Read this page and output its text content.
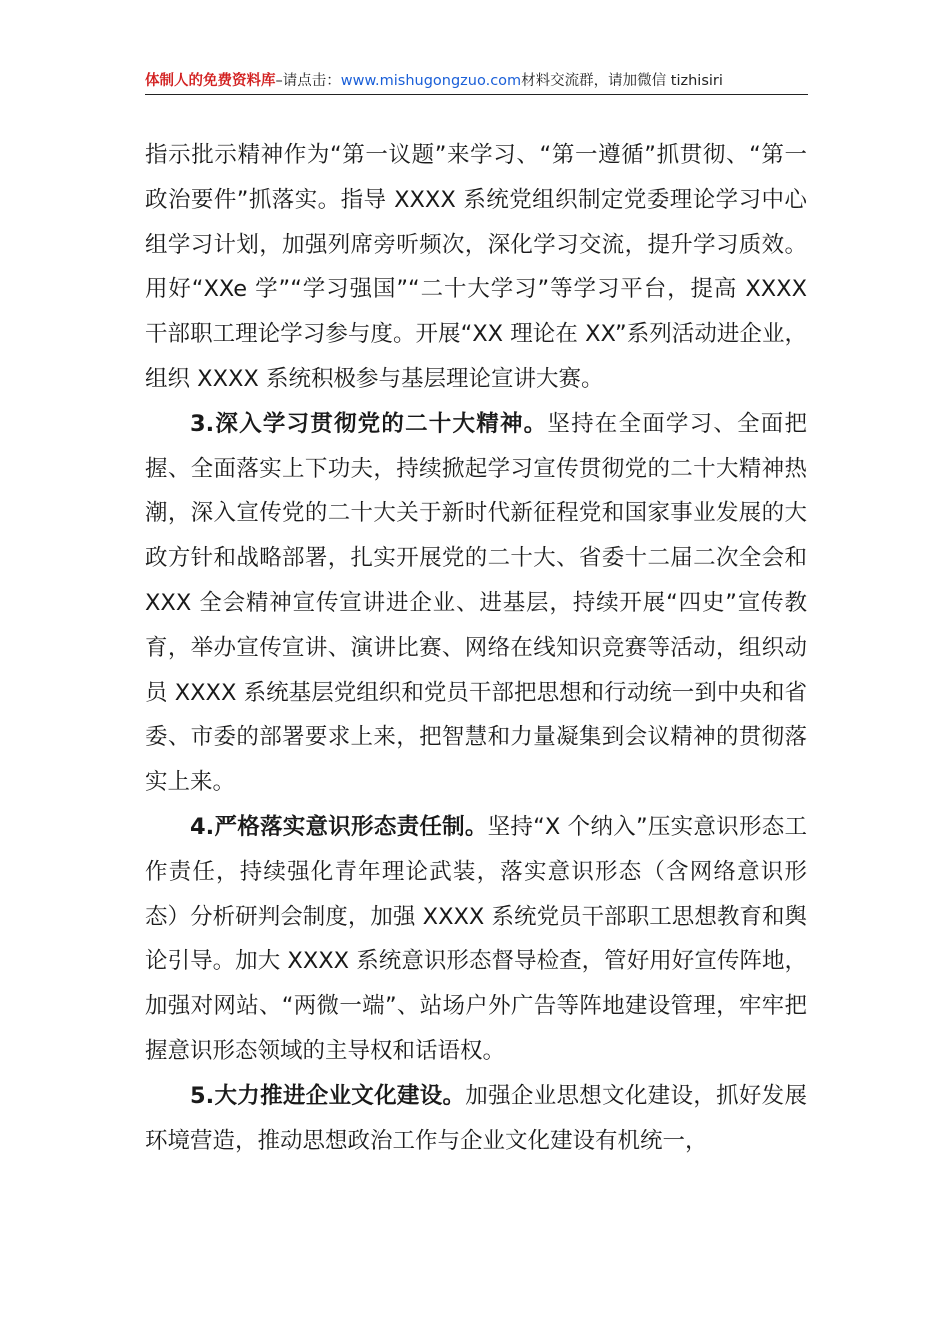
体制人的免费资料库–请点击：www.mishugongzuo.com材料交流群，请加微信 tizhisiri

指示批示精神作为“第一议题”来学习、“第一遵循”抓贯彻、“第一政治要件”抓落实。指导 XXXX 系统党组织制定党委理论学习中心组学习计划，加强列席旁听频次，深化学习交流，提升学习质效。用好“XXe 学”“学习强国”“二十大学习”等学习平台，提高 XXXX 干部职工理论学习参与度。开展“XX 理论在 XX”系列活动进企业，组织 XXXX 系统积极参与基层理论宣讲大赛。

3.深入学习贯彻党的二十大精神。坚持在全面学习、全面把握、全面落实上下功夫，持续掀起学习宣传贯彻党的二十大精神热潮，深入宣传党的二十大关于新时代新征程党和国家事业发展的大政方针和战略部署，扎实开展党的二十大、省委十二届二次全会和 XXX 全会精神宣传宣讲进企业、进基层，持续开展“四史”宣传教育，举办宣传宣讲、演讲比赛、网络在线知识竞赛等活动，组织动员 XXXX 系统基层党组织和党员干部把思想和行动统一到中央和省委、市委的部署要求上来，把智慧和力量凝集到会议精神的贯彻落实上来。

4.严格落实意识形态责任制。坚持“X 个纳入”压实意识形态工作责任，持续强化青年理论武装，落实意识形态（含网络意识形态）分析研判会制度，加强 XXXX 系统党员干部职工思想教育和舆论引导。加大 XXXX 系统意识形态督导检查，管好用好宣传阵地，加强对网站、“两微一端”、站场户外广告等阵地建设管理，牢牢把握意识形态领域的主导权和话语权。

5.大力推进企业文化建设。加强企业思想文化建设，抓好发展环境营造，推动思想政治工作与企业文化建设有机统一，
